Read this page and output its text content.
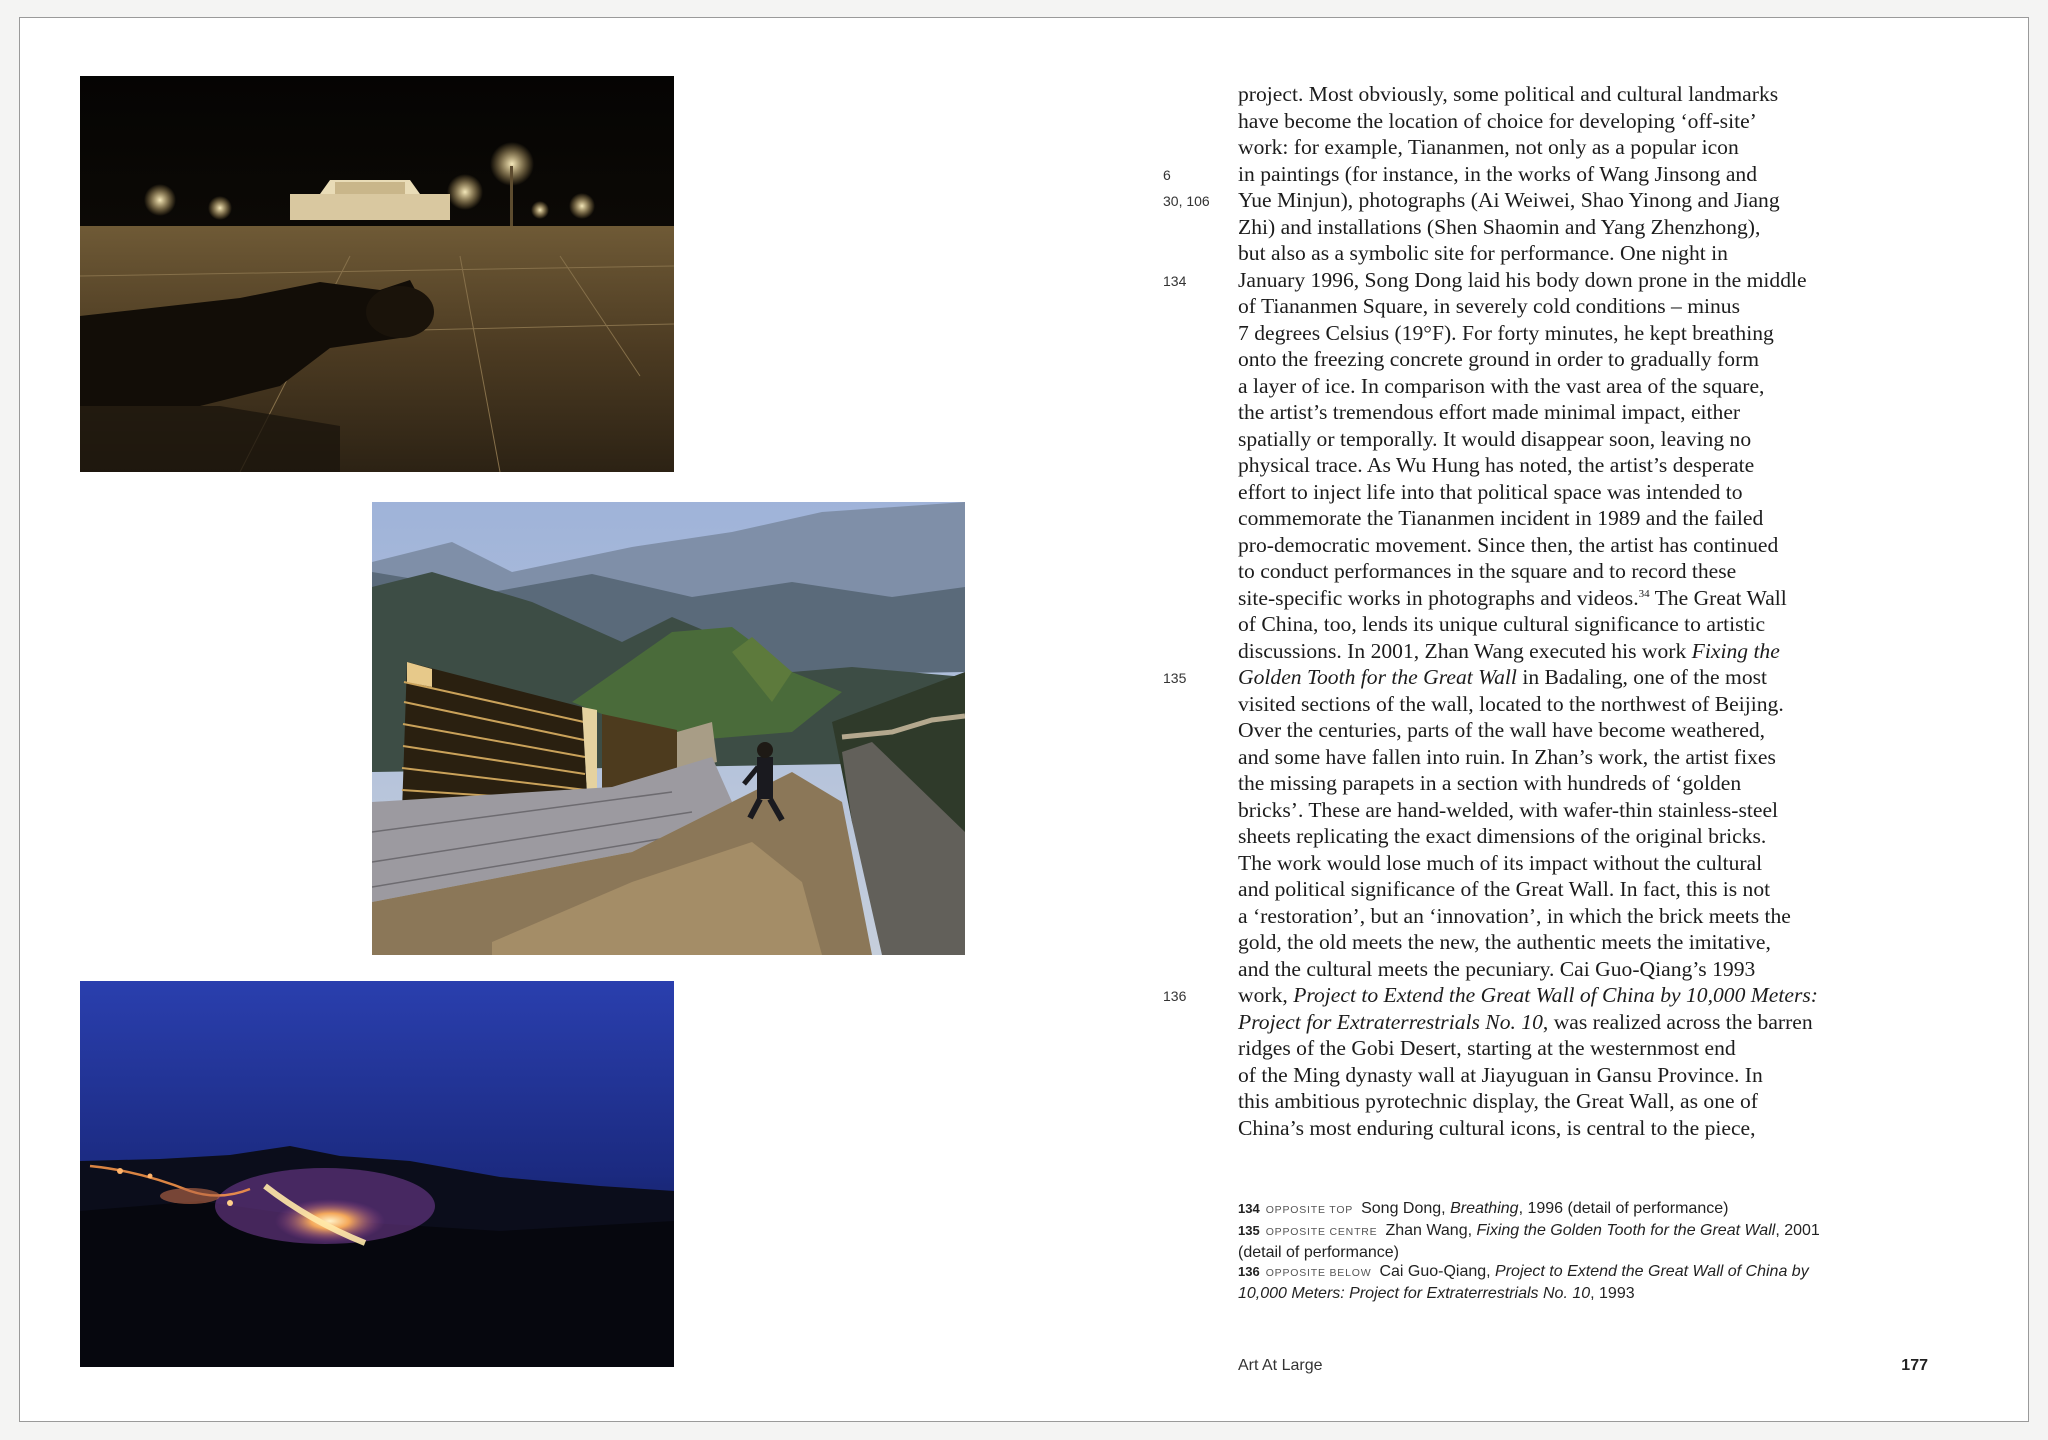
6
30, 106
134
135
136
project. Most obviously, some political and cultural landmarks
have become the location of choice for developing ‘off-site’
work: for example, Tiananmen, not only as a popular icon
in paintings (for instance, in the works of Wang Jinsong and
Yue Minjun), photographs (Ai Weiwei, Shao Yinong and Jiang
Zhi) and installations (Shen Shaomin and Yang Zhenzhong),
but also as a symbolic site for performance. One night in
January 1996, Song Dong laid his body down prone in the middle
of Tiananmen Square, in severely cold conditions – minus
7 degrees Celsius (19°F). For forty minutes, he kept breathing
onto the freezing concrete ground in order to gradually form
a layer of ice. In comparison with the vast area of the square,
the artist’s tremendous effort made minimal impact, either
spatially or temporally. It would disappear soon, leaving no
physical trace. As Wu Hung has noted, the artist’s desperate
effort to inject life into that political space was intended to
commemorate the Tiananmen incident in 1989 and the failed
pro-democratic movement. Since then, the artist has continued
to conduct performances in the square and to record these
site-specific works in photographs and videos.$^{34}$ The Great Wall
of China, too, lends its unique cultural significance to artistic
discussions. In 2001, Zhan Wang executed his work Fixing the
Golden Tooth for the Great Wall in Badaling, one of the most
visited sections of the wall, located to the northwest of Beijing.
Over the centuries, parts of the wall have become weathered,
and some have fallen into ruin. In Zhan’s work, the artist fixes
the missing parapets in a section with hundreds of ‘golden
bricks’. These are hand-welded, with wafer-thin stainless-steel
sheets replicating the exact dimensions of the original bricks.
The work would lose much of its impact without the cultural
and political significance of the Great Wall. In fact, this is not
a ‘restoration’, but an ‘innovation’, in which the brick meets the
gold, the old meets the new, the authentic meets the imitative,
and the cultural meets the pecuniary. Cai Guo-Qiang’s 1993
work, Project to Extend the Great Wall of China by 10,000 Meters:
Project for Extraterrestrials No. 10, was realized across the barren
ridges of the Gobi Desert, starting at the westernmost end
of the Ming dynasty wall at Jiayuguan in Gansu Province. In
this ambitious pyrotechnic display, the Great Wall, as one of
China’s most enduring cultural icons, is central to the piece,
134 OPPOSITE TOP Song Dong, Breathing, 1996 (detail of performance)
135 OPPOSITE CENTRE Zhan Wang, Fixing the Golden Tooth for the Great Wall, 2001
(detail of performance)
136 OPPOSITE BELOW Cai Guo-Qiang, Project to Extend the Great Wall of China by
10,000 Meters: Project for Extraterrestrials No. 10, 1993
Art At Large	177
